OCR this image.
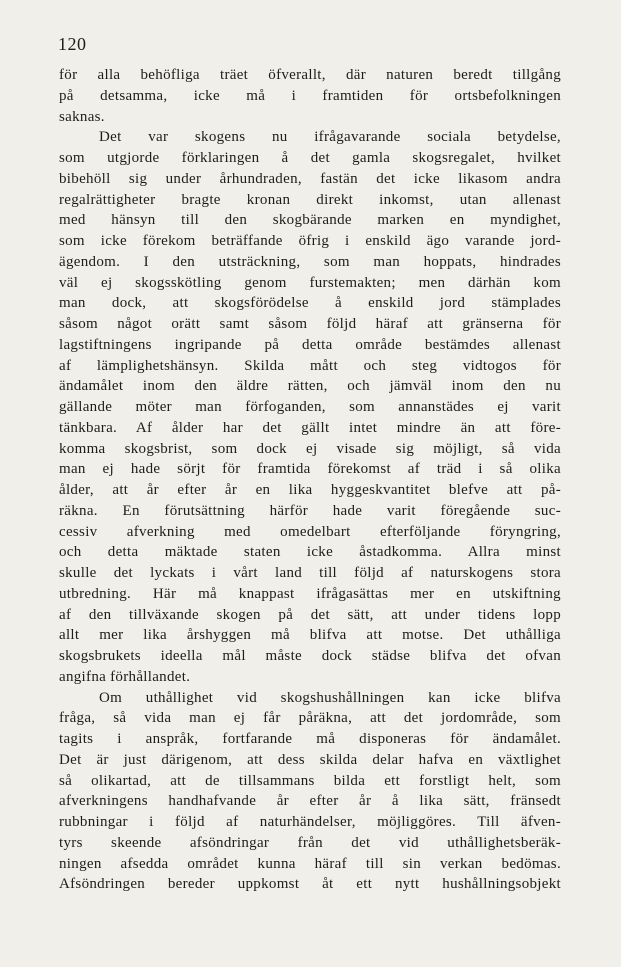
120
för alla behöfliga träet öfverallt, där naturen beredt tillgång
på detsamma, icke må i framtiden för ortsbefolkningen
saknas.
Det var skogens nu ifrågavarande sociala betydelse,
som utgjorde förklaringen å det gamla skogsregalet, hvilket
bibehöll sig under århundraden, fastän det icke likasom andra
regalrättigheter bragte kronan direkt inkomst, utan allenast
med hänsyn till den skogbärande marken en myndighet,
som icke förekom beträffande öfrig i enskild ägo varande jord-
ägendom. I den utsträckning, som man hoppats, hindrades
väl ej skogsskötling genom furstemakten; men därhän kom
man dock, att skogsförödelse å enskild jord stämplades
såsom något orätt samt såsom följd häraf att gränserna för
lagstiftningens ingripande på detta område bestämdes allenast
af lämplighetshänsyn. Skilda mått och steg vidtogos för
ändamålet inom den äldre rätten, och jämväl inom den nu
gällande möter man förfoganden, som annanstädes ej varit
tänkbara. Af ålder har det gällt intet mindre än att före-
komma skogsbrist, som dock ej visade sig möjligt, så vida
man ej hade sörjt för framtida förekomst af träd i så olika
ålder, att år efter år en lika hyggeskvantitet blefve att på-
räkna. En förutsättning härför hade varit föregående suc-
cessiv afverkning med omedelbart efterföljande föryngring,
och detta mäktade staten icke åstadkomma. Allra minst
skulle det lyckats i vårt land till följd af naturskogens stora
utbredning. Här må knappast ifrågasättas mer en utskiftning
af den tillväxande skogen på det sätt, att under tidens lopp
allt mer lika årshyggen må blifva att motse. Det uthålliga
skogsbrukets ideella mål måste dock städse blifva det ofvan
angifna förhållandet.
Om uthållighet vid skogshushållningen kan icke blifva
fråga, så vida man ej får påräkna, att det jordområde, som
tagits i anspråk, fortfarande må disponeras för ändamålet.
Det är just därigenom, att dess skilda delar hafva en växtlighet
så olikartad, att de tillsammans bilda ett forstligt helt, som
afverkningens handhafvande år efter år å lika sätt, fränsedt
rubbningar i följd af naturhändelser, möjliggöres. Till äfven-
tyrs skeende afsöndringar från det vid uthållighetsberäk-
ningen afsedda området kunna häraf till sin verkan bedömas.
Afsöndringen bereder uppkomst åt ett nytt hushållningsobjekt
